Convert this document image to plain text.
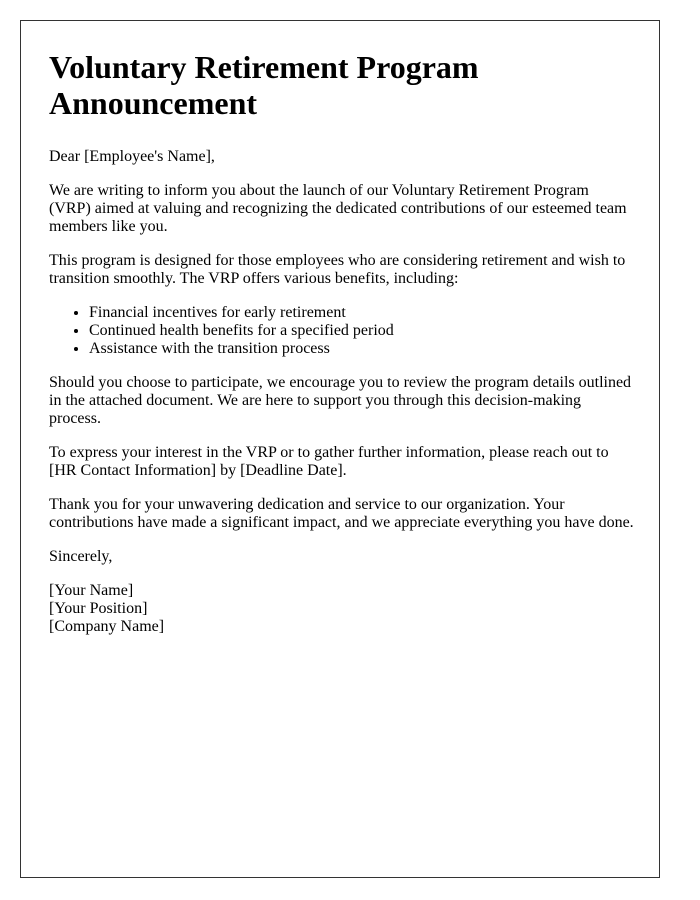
Voluntary Retirement Program Announcement

Dear [Employee's Name],

We are writing to inform you about the launch of our Voluntary Retirement Program (VRP) aimed at valuing and recognizing the dedicated contributions of our esteemed team members like you.

This program is designed for those employees who are considering retirement and wish to transition smoothly. The VRP offers various benefits, including:

• Financial incentives for early retirement
• Continued health benefits for a specified period
• Assistance with the transition process

Should you choose to participate, we encourage you to review the program details outlined in the attached document. We are here to support you through this decision-making process.

To express your interest in the VRP or to gather further information, please reach out to [HR Contact Information] by [Deadline Date].

Thank you for your unwavering dedication and service to our organization. Your contributions have made a significant impact, and we appreciate everything you have done.

Sincerely,

[Your Name]
[Your Position]
[Company Name]
